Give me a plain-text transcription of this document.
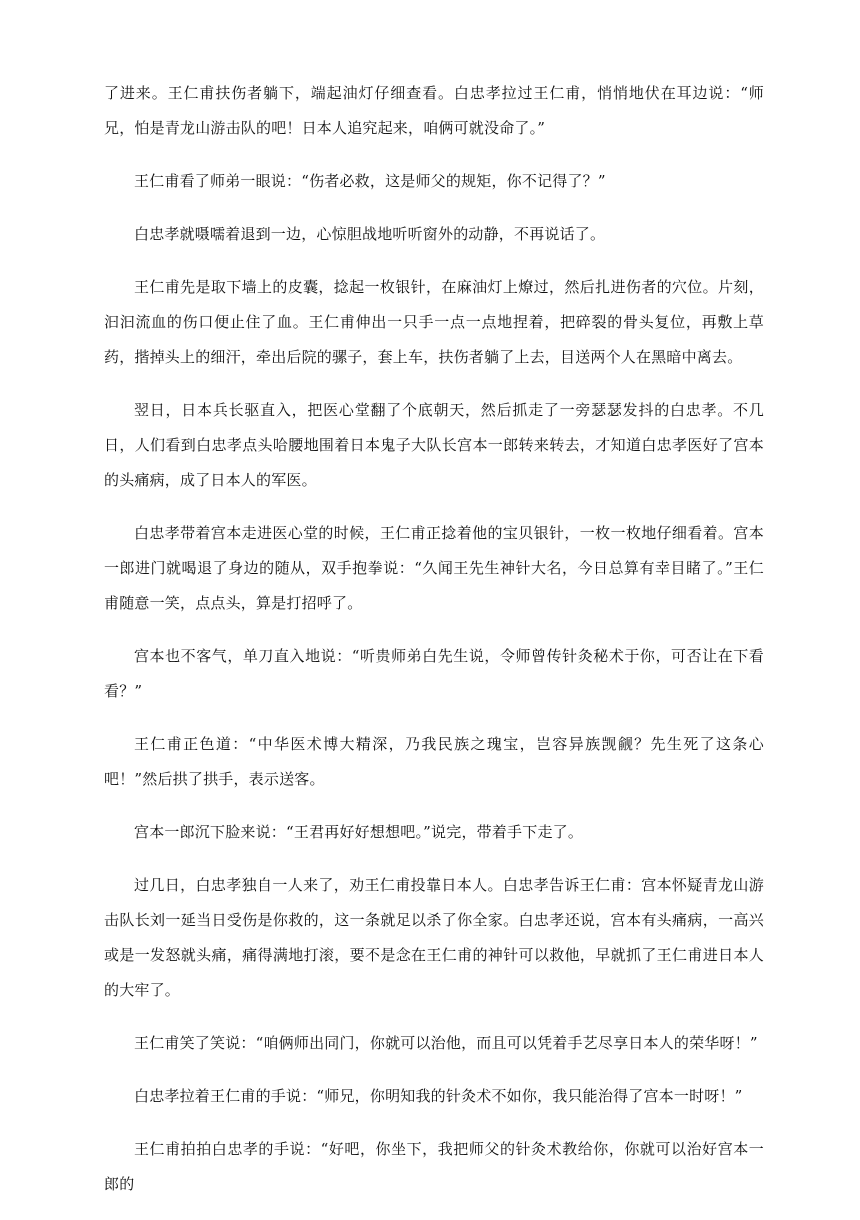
了进来。王仁甫扶伤者躺下，端起油灯仔细查看。白忠孝拉过王仁甫，悄悄地伏在耳边说：“师兄，怕是青龙山游击队的吧！日本人追究起来，咱俩可就没命了。”

王仁甫看了师弟一眼说：“伤者必救，这是师父的规矩，你不记得了？”

白忠孝就嗫嚅着退到一边，心惊胆战地听听窗外的动静，不再说话了。

王仁甫先是取下墙上的皮囊，捻起一枚银针，在麻油灯上燎过，然后扎进伤者的穴位。片刻，汩汩流血的伤口便止住了血。王仁甫伸出一只手一点一点地捏着，把碎裂的骨头复位，再敷上草药，揩掉头上的细汗，牵出后院的骡子，套上车，扶伤者躺了上去，目送两个人在黑暗中离去。

翌日，日本兵长驱直入，把医心堂翻了个底朝天，然后抓走了一旁瑟瑟发抖的白忠孝。不几日，人们看到白忠孝点头哈腰地围着日本鬼子大队长宫本一郎转来转去，才知道白忠孝医好了宫本的头痛病，成了日本人的军医。

白忠孝带着宫本走进医心堂的时候，王仁甫正捻着他的宝贝银针，一枚一枚地仔细看着。宫本一郎进门就喝退了身边的随从，双手抱拳说：“久闻王先生神针大名，今日总算有幸目睹了。”王仁甫随意一笑，点点头，算是打招呼了。

宫本也不客气，单刀直入地说：“听贵师弟白先生说，令师曾传针灸秘术于你，可否让在下看看？”

王仁甫正色道：“中华医术博大精深，乃我民族之瑰宝，岂容异族觊觎？先生死了这条心吧！”然后拱了拱手，表示送客。

宫本一郎沉下脸来说：“王君再好好想想吧。”说完，带着手下走了。

过几日，白忠孝独自一人来了，劝王仁甫投靠日本人。白忠孝告诉王仁甫：宫本怀疑青龙山游击队长刘一延当日受伤是你救的，这一条就足以杀了你全家。白忠孝还说，宫本有头痛病，一高兴或是一发怒就头痛，痛得满地打滚，要不是念在王仁甫的神针可以救他，早就抓了王仁甫进日本人的大牢了。

王仁甫笑了笑说：“咱俩师出同门，你就可以治他，而且可以凭着手艺尽享日本人的荣华呀！”

白忠孝拉着王仁甫的手说：“师兄，你明知我的针灸术不如你，我只能治得了宫本一时呀！”

王仁甫拍拍白忠孝的手说：“好吧，你坐下，我把师父的针灸术教给你，你就可以治好宫本一郎的
